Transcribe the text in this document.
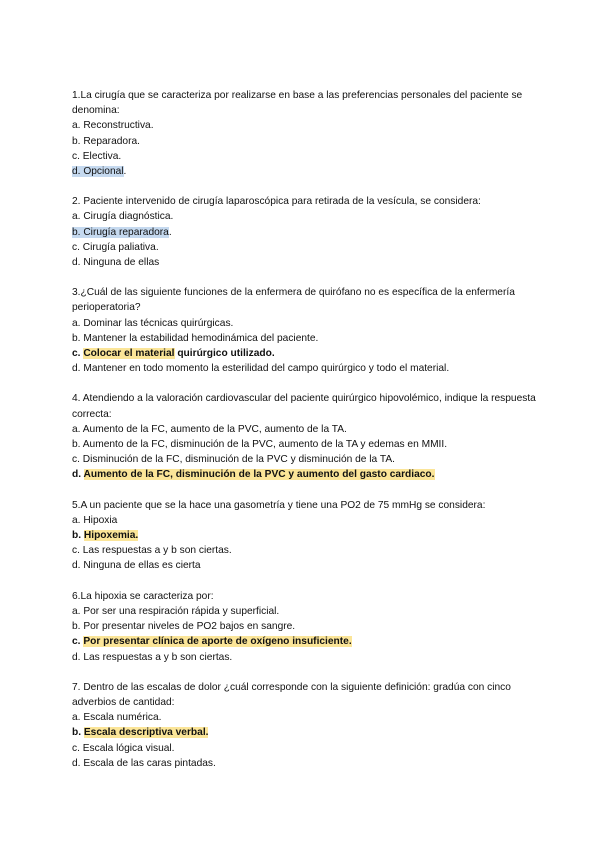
1.La cirugía que se caracteriza por realizarse en base a las preferencias personales del paciente se denomina:
a. Reconstructiva.
b. Reparadora.
c. Electiva.
d. Opcional.
2. Paciente intervenido de cirugía laparoscópica para retirada de la vesícula, se considera:
a. Cirugía diagnóstica.
b. Cirugía reparadora.
c. Cirugía paliativa.
d. Ninguna de ellas
3.¿Cuál de las siguiente funciones de la enfermera de quirófano no es específica de la enfermería perioperatoria?
a. Dominar las técnicas quirúrgicas.
b. Mantener la estabilidad hemodinámica del paciente.
c. Colocar el material quirúrgico utilizado.
d. Mantener en todo momento la esterilidad del campo quirúrgico y todo el material.
4. Atendiendo a la valoración cardiovascular del paciente quirúrgico hipovolémico, indique la respuesta correcta:
a. Aumento de la FC, aumento de la PVC, aumento de la TA.
b. Aumento de la FC, disminución de la PVC, aumento de la TA y edemas en MMII.
c. Disminución de la FC, disminución de la PVC y disminución de la TA.
d. Aumento de la FC, disminución de la PVC y aumento del gasto cardiaco.
5.A un paciente que se la hace una gasometría y tiene una PO2 de 75 mmHg se considera:
a. Hipoxia
b. Hipoxemia.
c. Las respuestas a y b son ciertas.
d. Ninguna de ellas es cierta
6.La hipoxia se caracteriza por:
a. Por ser una respiración rápida y superficial.
b. Por presentar niveles de PO2 bajos en sangre.
c. Por presentar clínica de aporte de oxígeno insuficiente.
d. Las respuestas a y b son ciertas.
7. Dentro de las escalas de dolor ¿cuál corresponde con la siguiente definición: gradúa con cinco adverbios de cantidad:
a. Escala numérica.
b. Escala descriptiva verbal.
c. Escala lógica visual.
d. Escala de las caras pintadas.
